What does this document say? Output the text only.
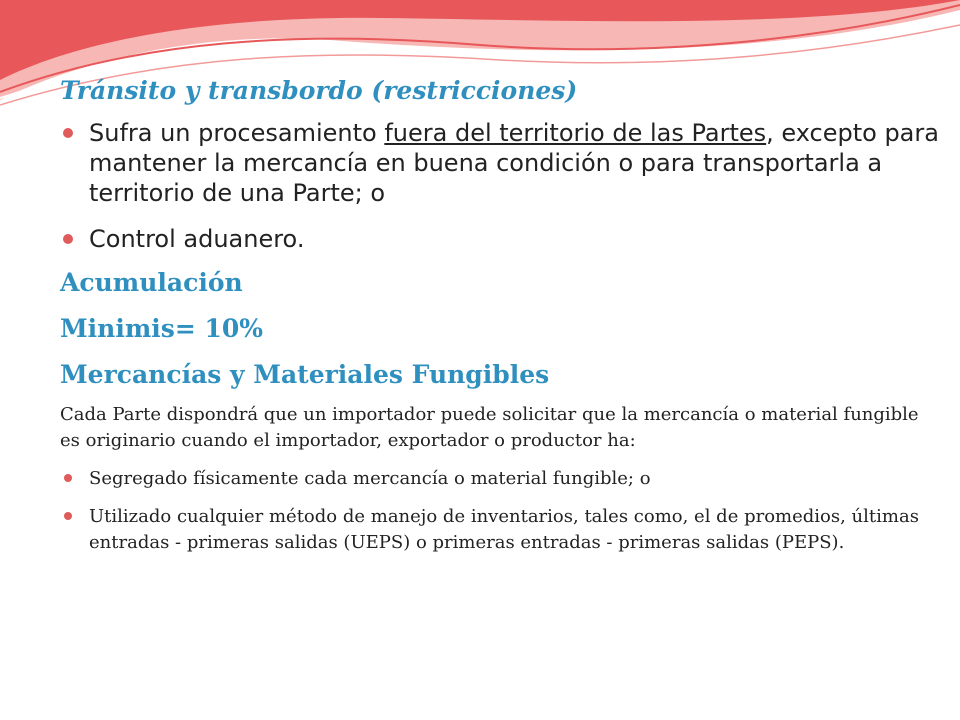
Tránsito y transbordo (restricciones)

Sufra un procesamiento fuera del territorio de las Partes, excepto para mantener la mercancía en buena condición o para transportarla a territorio de una Parte; o
Control aduanero.

Acumulación

Minimis= 10%

Mercancías y Materiales Fungibles

Cada Parte dispondrá que un importador puede solicitar que la mercancía o material fungible es originario cuando el importador, exportador o productor ha:

Segregado físicamente cada mercancía o material fungible; o
Utilizado cualquier método de manejo de inventarios, tales como, el de promedios, últimas entradas - primeras salidas (UEPS) o primeras entradas - primeras salidas (PEPS).
